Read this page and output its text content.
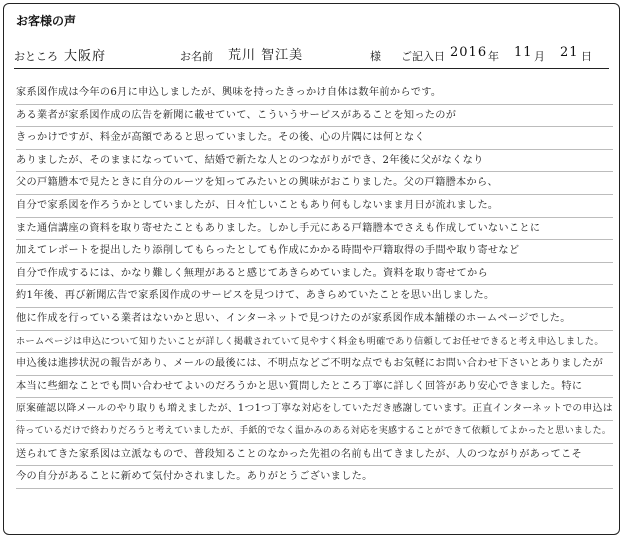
お客様の声
おところ 大阪府	お名前 荒川 智江美	様 ご記入日 2016 年 11 月 21 日
家系図作成は今年の6月に申込しましたが、興味を持ったきっかけ自体は数年前からです。
ある業者が家系図作成の広告を新聞に載せていて、こういうサービスがあることを知ったのが
きっかけですが、料金が高額であると思っていました。その後、心の片隅には何となく
ありましたが、そのままになっていて、結婚で新たな人とのつながりができ、2年後に父がなくなり
父の戸籍謄本で見たときに自分のルーツを知ってみたいとの興味がおこりました。父の戸籍謄本から、
自分で家系図を作ろうかとしていましたが、日々忙しいこともあり何もしないまま月日が流れました。
また通信講座の資料を取り寄せたこともありました。しかし手元にある戸籍謄本でさえも作成していないことに
加えてレポートを提出したり添削してもらったとしても作成にかかる時間や戸籍取得の手間や取り寄せなど
自分で作成するには、かなり難しく無理があると感じてあきらめていました。資料を取り寄せてから
約1年後、再び新聞広告で家系図作成のサービスを見つけて、あきらめていたことを思い出しました。
他に作成を行っている業者はないかと思い、インターネットで見つけたのが家系図作成本舗様のホームページでした。
ホームページは申込について知りたいことが詳しく掲載されていて見やすく料金も明確であり信頼してお任せできると考え申込しました。
申込後は進捗状況の報告があり、メールの最後には、不明点などご不明な点でもお気軽にお問い合わせ下さいとありましたが
本当に些細なことでも問い合わせてよいのだろうかと思い質問したところ丁寧に詳しく回答があり安心できました。特に
原案確認以降メールのやり取りも増えましたが、1つ1つ丁寧な対応をしていただき感謝しています。正直インターネットでの申込は
待っているだけで終わりだろうと考えていましたが、手紙的でなく温かみのある対応を実感することができて依頼してよかったと思いました。
送られてきた家系図は立派なもので、普段知ることのなかった先祖の名前も出てきましたが、人のつながりがあってこそ
今の自分があることに新めて気付かされました。ありがとうございました。
